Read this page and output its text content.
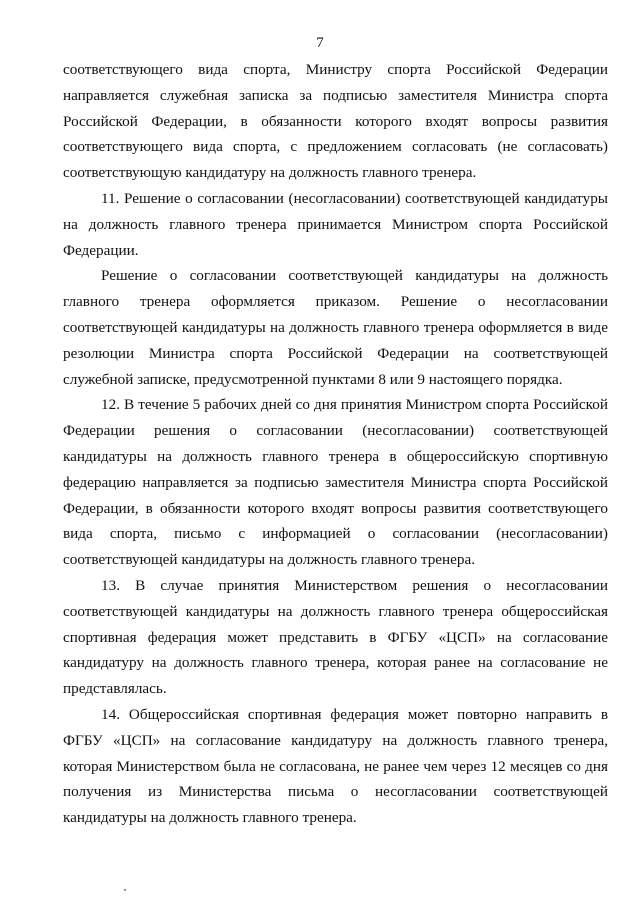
7

соответствующего вида спорта, Министру спорта Российской Федерации направляется служебная записка за подписью заместителя Министра спорта Российской Федерации, в обязанности которого входят вопросы развития соответствующего вида спорта, с предложением согласовать (не согласовать) соответствующую кандидатуру на должность главного тренера.

11. Решение о согласовании (несогласовании) соответствующей кандидатуры на должность главного тренера принимается Министром спорта Российской Федерации.

Решение о согласовании соответствующей кандидатуры на должность главного тренера оформляется приказом. Решение о несогласовании соответствующей кандидатуры на должность главного тренера оформляется в виде резолюции Министра спорта Российской Федерации на соответствующей служебной записке, предусмотренной пунктами 8 или 9 настоящего порядка.

12. В течение 5 рабочих дней со дня принятия Министром спорта Российской Федерации решения о согласовании (несогласовании) соответствующей кандидатуры на должность главного тренера в общероссийскую спортивную федерацию направляется за подписью заместителя Министра спорта Российской Федерации, в обязанности которого входят вопросы развития соответствующего вида спорта, письмо с информацией о согласовании (несогласовании) соответствующей кандидатуры на должность главного тренера.

13. В случае принятия Министерством решения о несогласовании соответствующей кандидатуры на должность главного тренера общероссийская спортивная федерация может представить в ФГБУ «ЦСП» на согласование кандидатуру на должность главного тренера, которая ранее на согласование не представлялась.

14. Общероссийская спортивная федерация может повторно направить в ФГБУ «ЦСП» на согласование кандидатуру на должность главного тренера, которая Министерством была не согласована, не ранее чем через 12 месяцев со дня получения из Министерства письма о несогласовании соответствующей кандидатуры на должность главного тренера.
